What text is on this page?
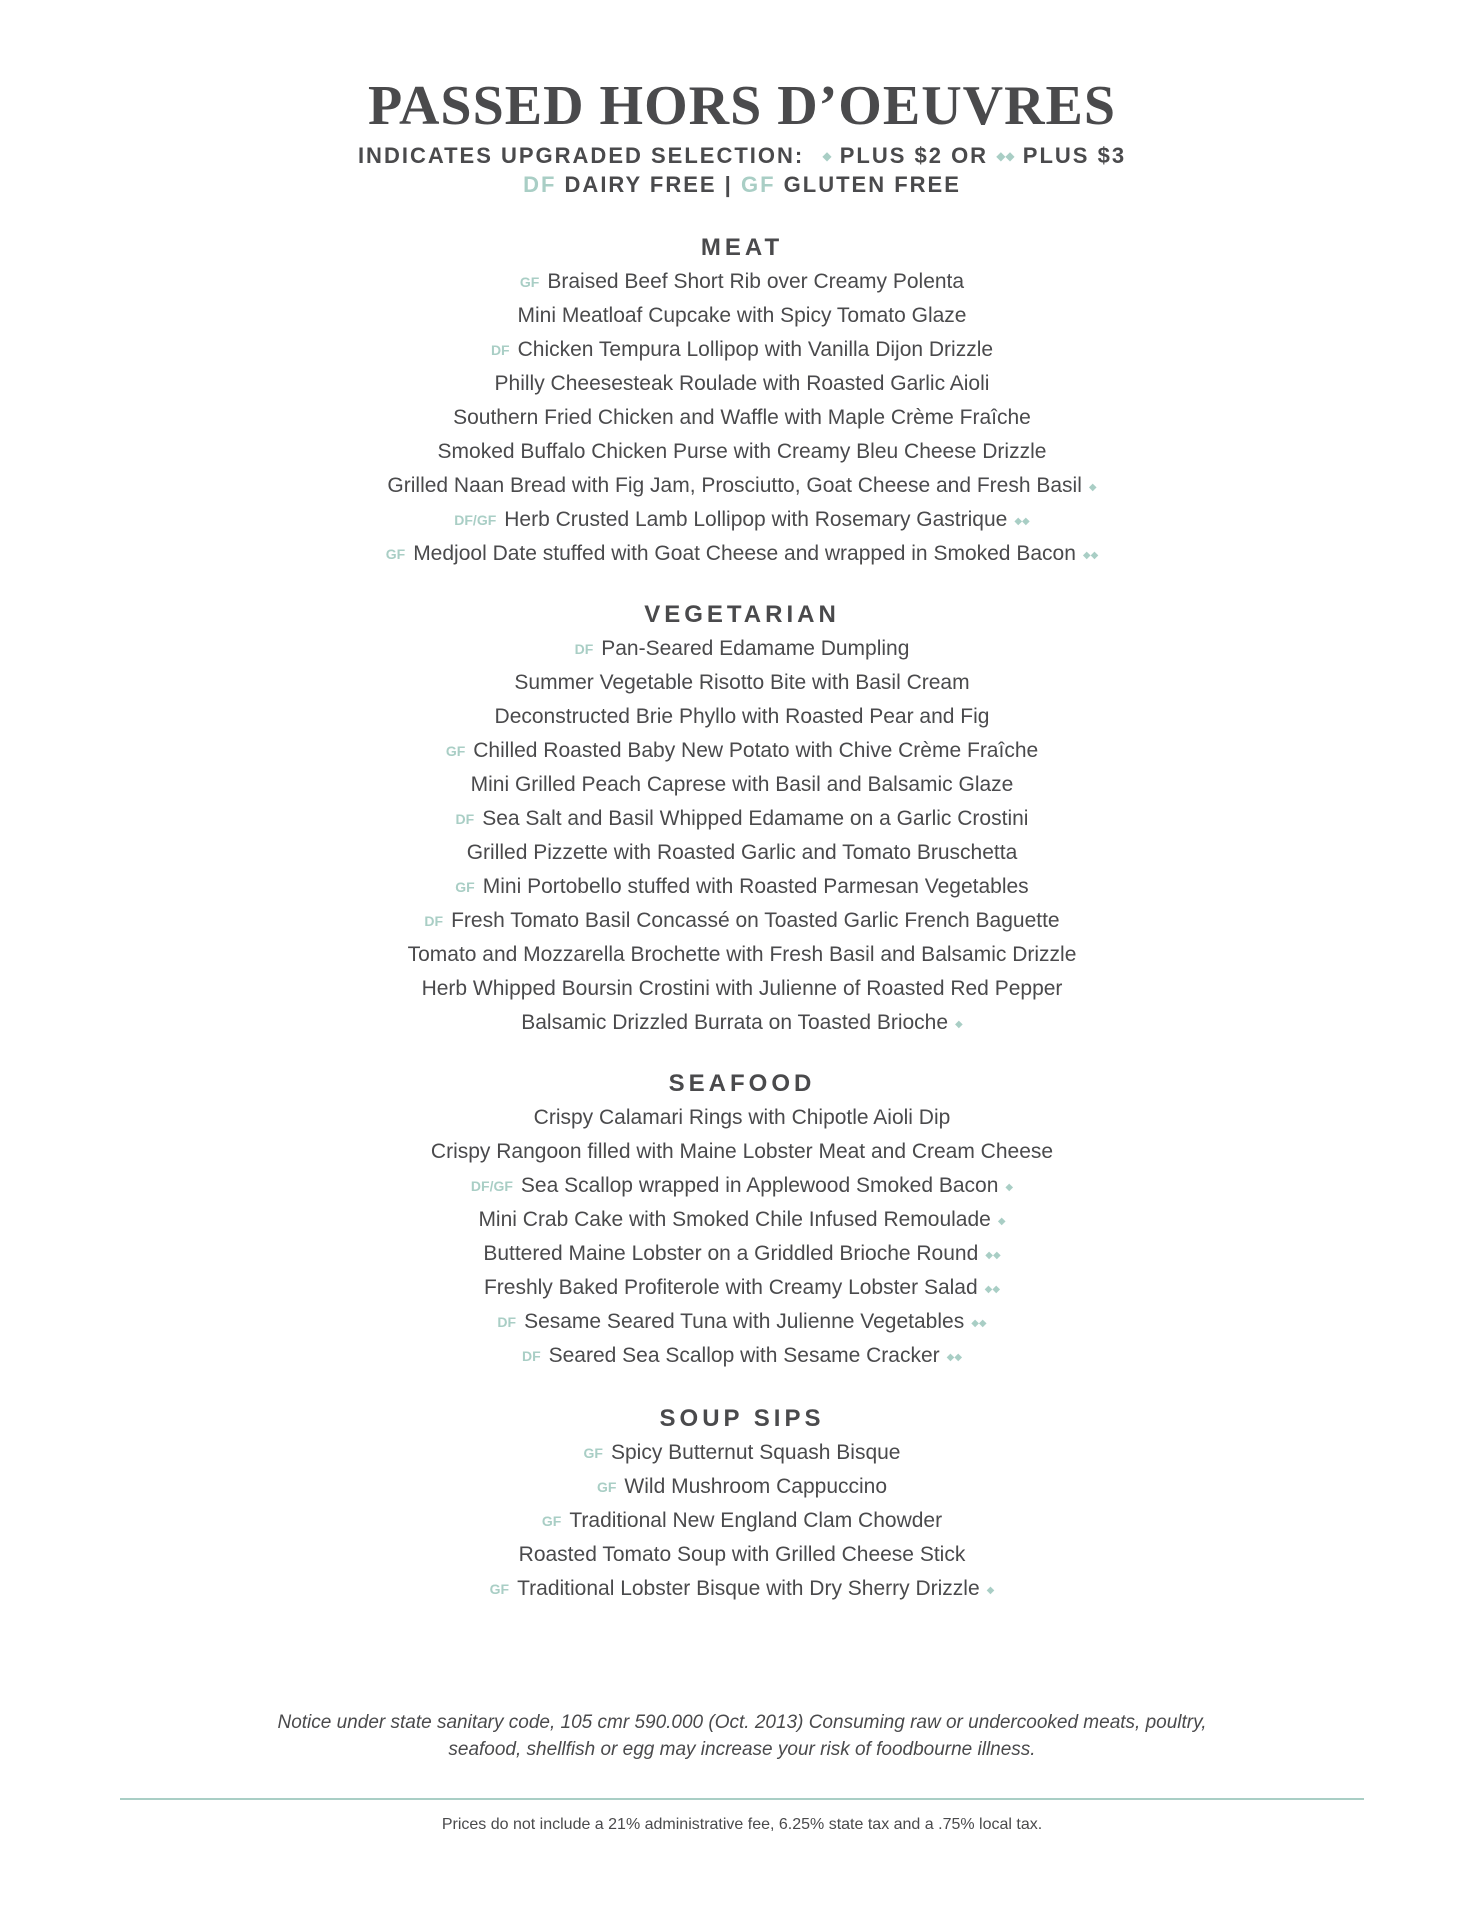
PASSED HORS D’OEUVRES
INDICATES UPGRADED SELECTION: ◆ PLUS $2 OR ◆◆ PLUS $3
DF DAIRY FREE | GF GLUTEN FREE
MEAT
GF Braised Beef Short Rib over Creamy Polenta
Mini Meatloaf Cupcake with Spicy Tomato Glaze
DF Chicken Tempura Lollipop with Vanilla Dijon Drizzle
Philly Cheesesteak Roulade with Roasted Garlic Aioli
Southern Fried Chicken and Waffle with Maple Crème Fraîche
Smoked Buffalo Chicken Purse with Creamy Bleu Cheese Drizzle
Grilled Naan Bread with Fig Jam, Prosciutto, Goat Cheese and Fresh Basil ◆
DF/GF Herb Crusted Lamb Lollipop with Rosemary Gastrique ◆◆
GF Medjool Date stuffed with Goat Cheese and wrapped in Smoked Bacon ◆◆
VEGETARIAN
DF Pan-Seared Edamame Dumpling
Summer Vegetable Risotto Bite with Basil Cream
Deconstructed Brie Phyllo with Roasted Pear and Fig
GF Chilled Roasted Baby New Potato with Chive Crème Fraîche
Mini Grilled Peach Caprese with Basil and Balsamic Glaze
DF Sea Salt and Basil Whipped Edamame on a Garlic Crostini
Grilled Pizzette with Roasted Garlic and Tomato Bruschetta
GF Mini Portobello stuffed with Roasted Parmesan Vegetables
DF Fresh Tomato Basil Concassé on Toasted Garlic French Baguette
Tomato and Mozzarella Brochette with Fresh Basil and Balsamic Drizzle
Herb Whipped Boursin Crostini with Julienne of Roasted Red Pepper
Balsamic Drizzled Burrata on Toasted Brioche ◆
SEAFOOD
Crispy Calamari Rings with Chipotle Aioli Dip
Crispy Rangoon filled with Maine Lobster Meat and Cream Cheese
DF/GF Sea Scallop wrapped in Applewood Smoked Bacon ◆
Mini Crab Cake with Smoked Chile Infused Remoulade ◆
Buttered Maine Lobster on a Griddled Brioche Round ◆◆
Freshly Baked Profiterole with Creamy Lobster Salad ◆◆
DF Sesame Seared Tuna with Julienne Vegetables ◆◆
DF Seared Sea Scallop with Sesame Cracker ◆◆
SOUP SIPS
GF Spicy Butternut Squash Bisque
GF Wild Mushroom Cappuccino
GF Traditional New England Clam Chowder
Roasted Tomato Soup with Grilled Cheese Stick
GF Traditional Lobster Bisque with Dry Sherry Drizzle ◆

Notice under state sanitary code, 105 cmr 590.000 (Oct. 2013) Consuming raw or undercooked meats, poultry,

seafood, shellfish or egg may increase your risk of foodbourne illness.

Prices do not include a 21% administrative fee, 6.25% state tax and a .75% local tax.
